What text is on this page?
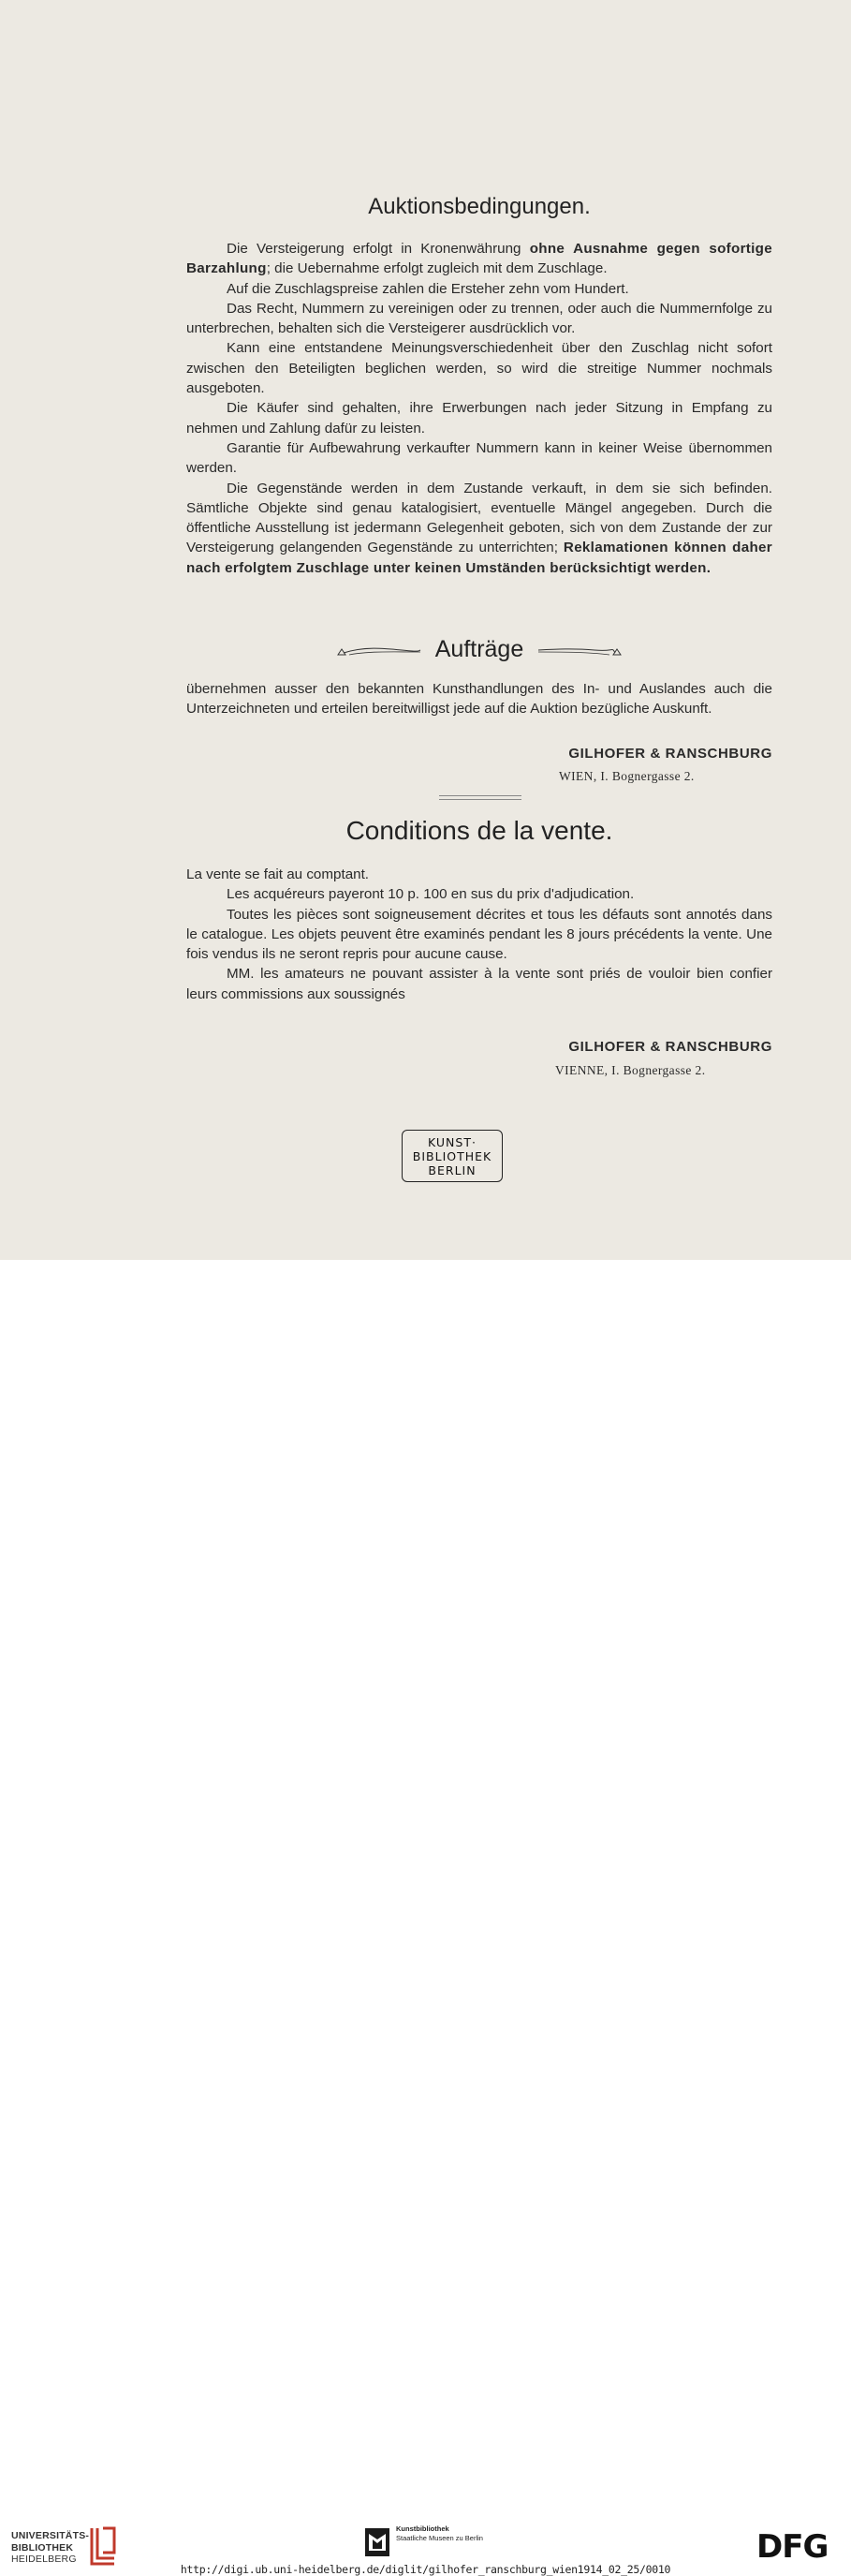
Auktionsbedingungen.

Die Versteigerung erfolgt in Kronenwährung ohne Ausnahme gegen sofortige Barzahlung; die Uebernahme erfolgt zugleich mit dem Zuschlage.

Auf die Zuschlagspreise zahlen die Ersteher zehn vom Hundert.

Das Recht, Nummern zu vereinigen oder zu trennen, oder auch die Nummernfolge zu unterbrechen, behalten sich die Versteigerer ausdrücklich vor.

Kann eine entstandene Meinungsverschiedenheit über den Zuschlag nicht sofort zwischen den Beteiligten beglichen werden, so wird die streitige Nummer nochmals ausgeboten.

Die Käufer sind gehalten, ihre Erwerbungen nach jeder Sitzung in Empfang zu nehmen und Zahlung dafür zu leisten.

Garantie für Aufbewahrung verkaufter Nummern kann in keiner Weise übernommen werden.

Die Gegenstände werden in dem Zustande verkauft, in dem sie sich befinden. Sämtliche Objekte sind genau katalogisiert, eventuelle Mängel angegeben. Durch die öffentliche Ausstellung ist jedermann Gelegenheit geboten, sich von dem Zustande der zur Versteigerung gelangenden Gegenstände zu unterrichten; Reklamationen können daher nach erfolgtem Zuschlage unter keinen Umständen berücksichtigt werden.

Aufträge

übernehmen ausser den bekannten Kunsthandlungen des In- und Auslandes auch die Unterzeichneten und erteilen bereitwilligst jede auf die Auktion bezügliche Auskunft.

GILHOFER & RANSCHBURG
WIEN, I. Bognergasse 2.
Conditions de la vente.

La vente se fait au comptant.

Les acquéreurs payeront 10 p. 100 en sus du prix d'adjudication.

Toutes les pièces sont soigneusement décrites et tous les défauts sont annotés dans le catalogue. Les objets peuvent être examinés pendant les 8 jours précédents la vente. Une fois vendus ils ne seront repris pour aucune cause.

MM. les amateurs ne pouvant assister à la vente sont priés de vouloir bien confier leurs commissions aux soussignés

GILHOFER & RANSCHBURG
VIENNE, I. Bognergasse 2.
KUNST·
BIBLIOTHEK
BERLIN
UNIVERSITÄTS-
BIBLIOTHEK
HEIDELBERG
Kunstbibliothek
Staatliche Museen zu Berlin	DFG
http://digi.ub.uni-heidelberg.de/diglit/gilhofer_ranschburg_wien1914_02_25/0010
